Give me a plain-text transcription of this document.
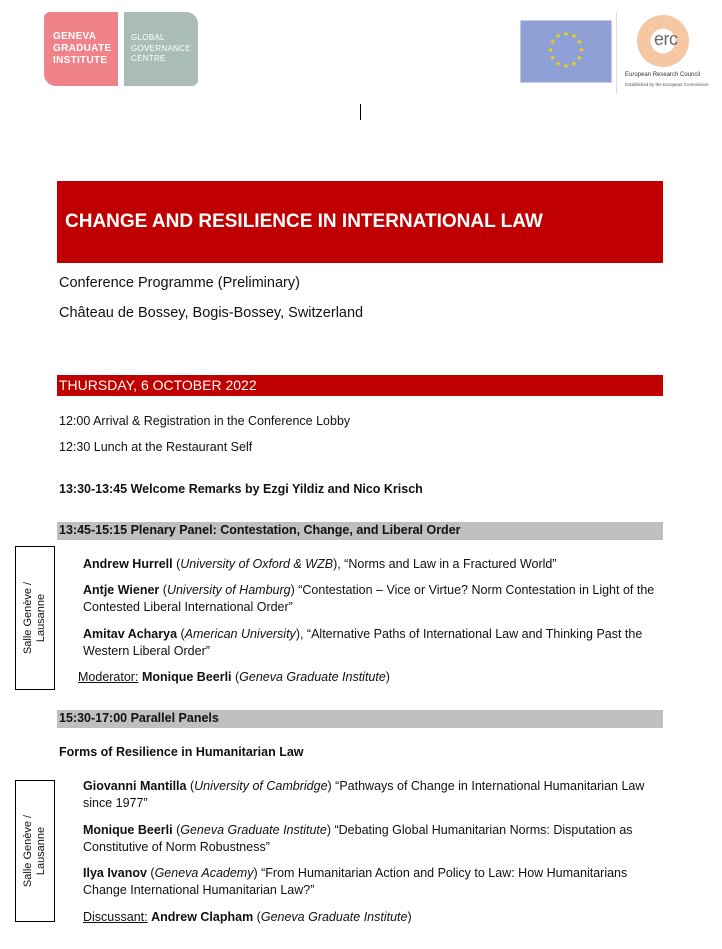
GENEVA
GRADUATE
INSTITUTE
GLOBAL
GOVERNANCE
CENTRE
★ ★
★
★
★
★
★
★
★
★
★
★	erc
European Research Council
Established by the European Commission
CHANGE AND RESILIENCE IN INTERNATIONAL LAW
Conference Programme (Preliminary)
Château de Bossey, Bogis-Bossey, Switzerland
THURSDAY, 6 OCTOBER 2022
12:00 Arrival & Registration in the Conference Lobby
12:30 Lunch at the Restaurant Self
13:30-13:45 Welcome Remarks by Ezgi Yildiz and Nico Krisch
13:45-15:15 Plenary Panel: Contestation, Change, and Liberal Order
Salle Genève / Lausanne
Andrew Hurrell (University of Oxford & WZB), “Norms and Law in a Fractured World”
Antje Wiener (University of Hamburg) “Contestation – Vice or Virtue? Norm Contestation in Light of the Contested Liberal International Order”
Amitav Acharya (American University), “Alternative Paths of International Law and Thinking Past the Western Liberal Order”
Moderator: Monique Beerli (Geneva Graduate Institute)
15:30-17:00 Parallel Panels
Forms of Resilience in Humanitarian Law
Salle Genève / Lausanne
Giovanni Mantilla (University of Cambridge) “Pathways of Change in International Humanitarian Law since 1977”
Monique Beerli (Geneva Graduate Institute) “Debating Global Humanitarian Norms: Disputation as Constitutive of Norm Robustness”
Ilya Ivanov (Geneva Academy) “From Humanitarian Action and Policy to Law: How Humanitarians Change International Humanitarian Law?”
Discussant: Andrew Clapham (Geneva Graduate Institute)
